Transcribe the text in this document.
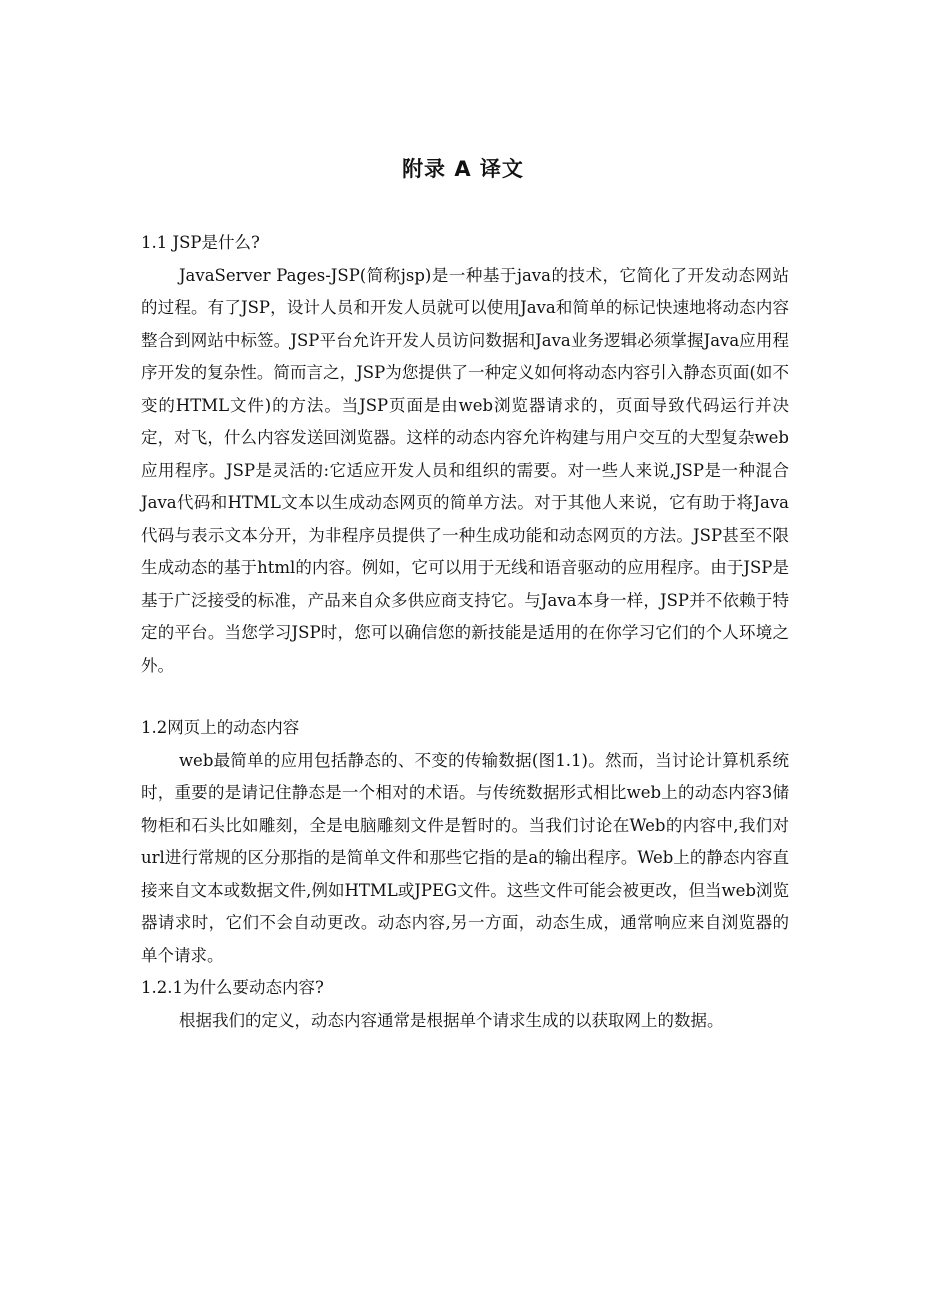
附录 A 译文
1.1 JSP是什么?

JavaServer Pages-JSP(简称jsp)是一种基于java的技术，它简化了开发动态网站的过程。有了JSP，设计人员和开发人员就可以使用Java和简单的标记快速地将动态内容整合到网站中标签。JSP平台允许开发人员访问数据和Java业务逻辑必须掌握Java应用程序开发的复杂性。简而言之，JSP为您提供了一种定义如何将动态内容引入静态页面(如不变的HTML文件)的方法。当JSP页面是由web浏览器请求的，页面导致代码运行并决定，对飞，什么内容发送回浏览器。这样的动态内容允许构建与用户交互的大型复杂web应用程序。JSP是灵活的:它适应开发人员和组织的需要。对一些人来说,JSP是一种混合Java代码和HTML文本以生成动态网页的简单方法。对于其他人来说，它有助于将Java代码与表示文本分开，为非程序员提供了一种生成功能和动态网页的方法。JSP甚至不限生成动态的基于html的内容。例如，它可以用于无线和语音驱动的应用程序。由于JSP是基于广泛接受的标准，产品来自众多供应商支持它。与Java本身一样，JSP并不依赖于特定的平台。当您学习JSP时，您可以确信您的新技能是适用的在你学习它们的个人环境之外。

1.2网页上的动态内容

web最简单的应用包括静态的、不变的传输数据(图1.1)。然而，当讨论计算机系统时，重要的是请记住静态是一个相对的术语。与传统数据形式相比web上的动态内容3储物柜和石头比如雕刻，全是电脑雕刻文件是暂时的。当我们讨论在Web的内容中,我们对url进行常规的区分那指的是简单文件和那些它指的是a的输出程序。Web上的静态内容直接来自文本或数据文件,例如HTML或JPEG文件。这些文件可能会被更改，但当web浏览器请求时，它们不会自动更改。动态内容,另一方面，动态生成，通常响应来自浏览器的单个请求。

1.2.1为什么要动态内容?

根据我们的定义，动态内容通常是根据单个请求生成的以获取网上的数据。
